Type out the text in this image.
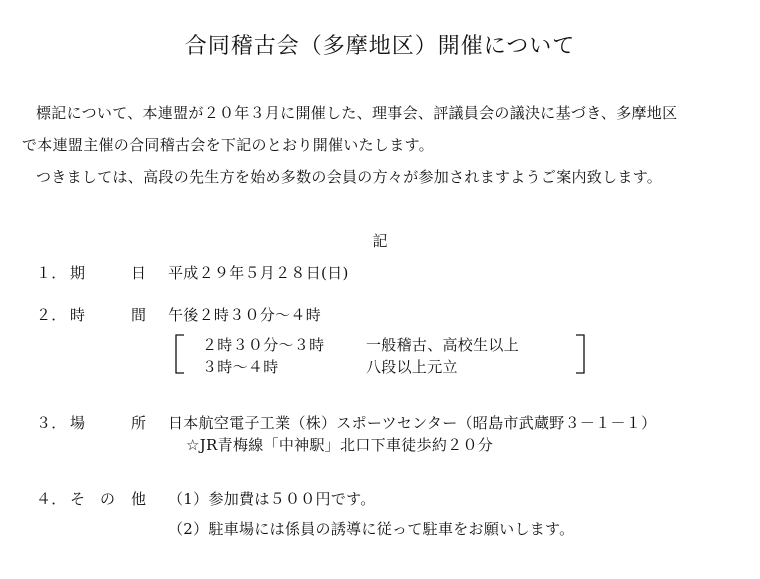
合同稽古会（多摩地区）開催について
標記について、本連盟が２０年３月に開催した、理事会、評議員会の議決に基づき、多摩地区
で本連盟主催の合同稽古会を下記のとおり開催いたします。
つきましては、高段の先生方を始め多数の会員の方々が参加されますようご案内致します。
記
１． 期	日 平成２９年５月２８日(日)
２． 時	間 午後２時３０分～４時
２時３０分～３時	一般稽古、高校生以上
３時～４時	八段以上元立
３． 場	所 日本航空電子工業（株）スポーツセンター（昭島市武蔵野３－１－１）
☆JR青梅線「中神駅」北口下車徒歩約２０分
４． そ の 他 （1）参加費は５００円です。
（2）駐車場には係員の誘導に従って駐車をお願いします。
